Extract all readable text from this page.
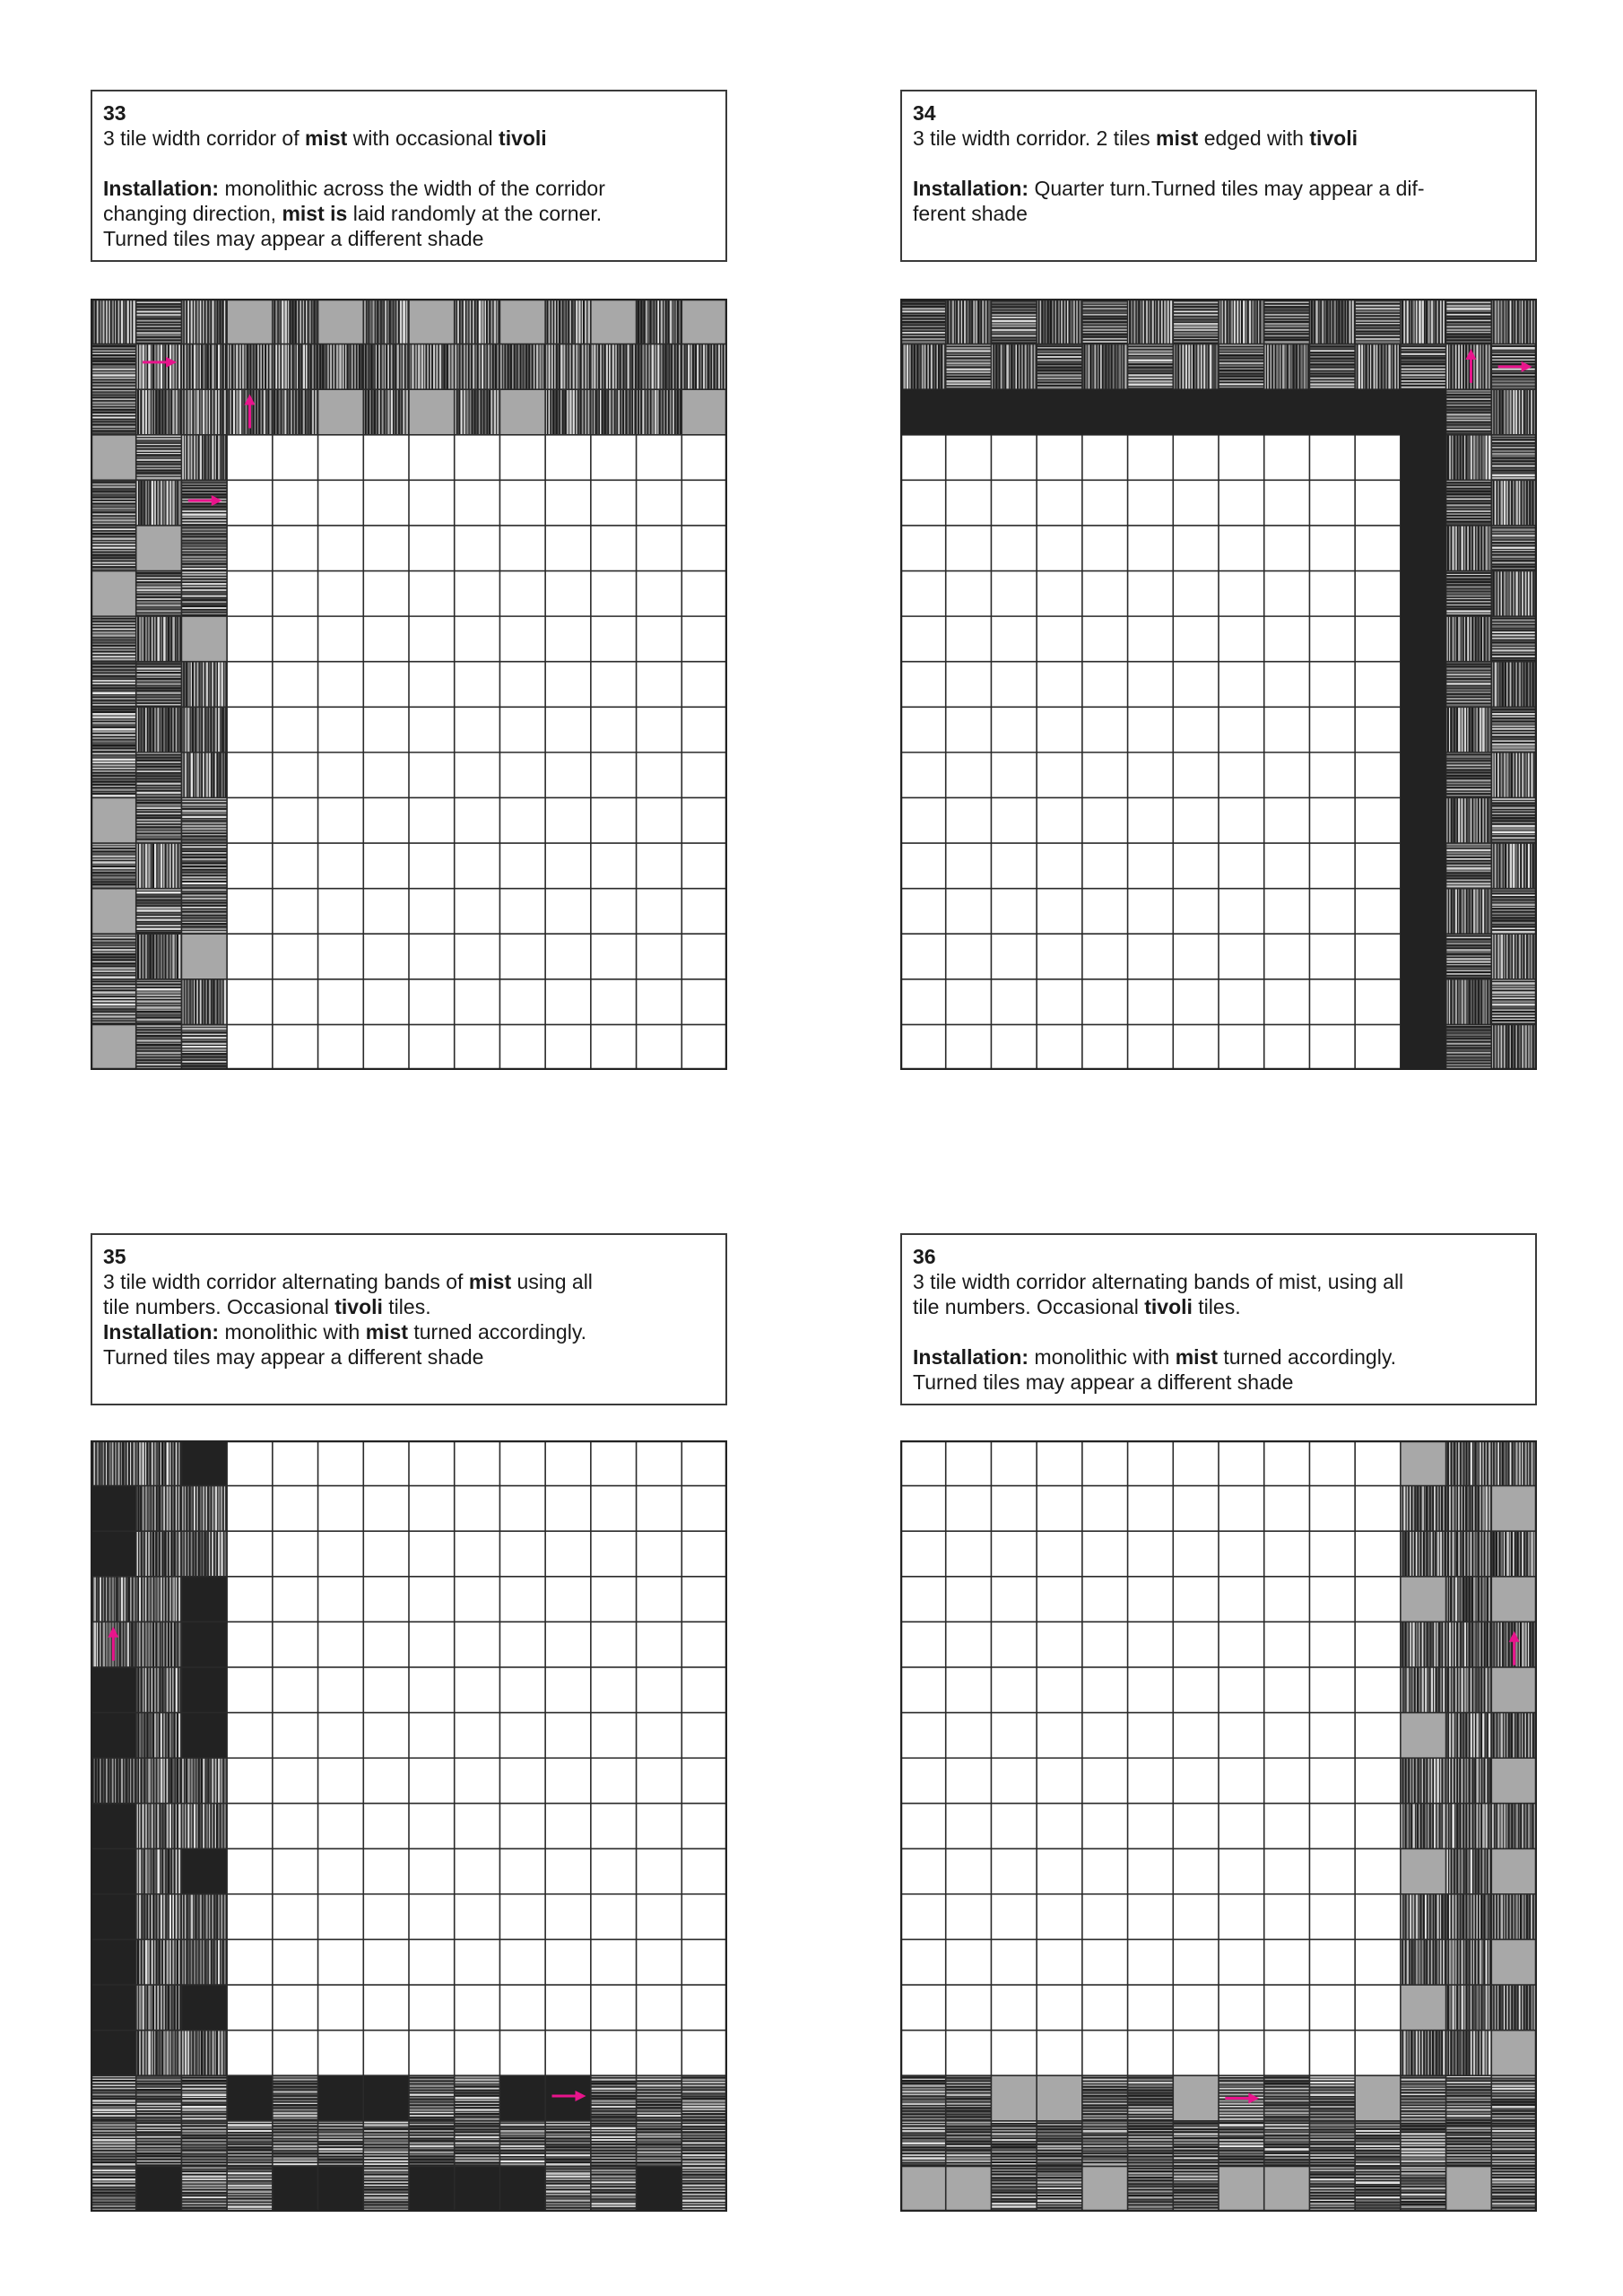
33
3 tile width corridor of mist with occasional tivoli
Installation: monolithic across the width of the corridor
changing direction, mist is laid randomly at the corner.
Turned tiles may appear a different shade
34
3 tile width corridor. 2 tiles mist edged with tivoli
Installation: Quarter turn.Turned tiles may appear a dif-
ferent shade
35
3 tile width corridor alternating bands of mist using all
tile numbers. Occasional tivoli tiles.
Installation: monolithic with mist turned accordingly.
Turned tiles may appear a different shade
36
3 tile width corridor alternating bands of mist, using all
tile numbers. Occasional tivoli tiles.
Installation: monolithic with mist turned accordingly.
Turned tiles may appear a different shade
